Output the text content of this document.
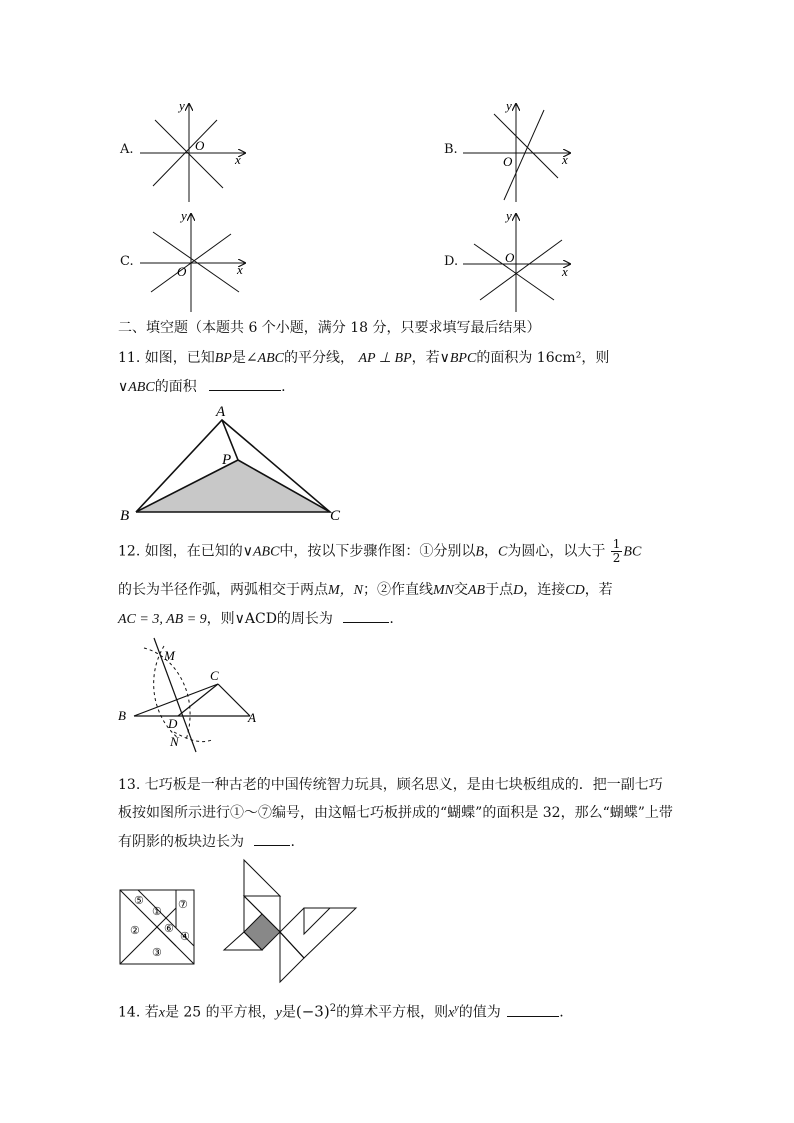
A.
y
O
x
B.
y
O	x
C.
y
O	x
D.
y
O
x
二、填空题（本题共 6 个小题，满分 18 分，只要求填写最后结果）
11. 如图，已知BP是∠ABC的平分线， AP ⊥ BP，若∨BPC的面积为 16cm²，则
∨ABC的面积	.
A
P
B	C
12. 如图，在已知的∨ABC中，按以下步骤作图：①分别以B，C为圆心，以大于 $\frac{1}{2}$ BC
的长为半径作弧，两弧相交于两点M，N；②作直线MN交AB于点D，连接CD，若
AC = 3, AB = 9，则∨ACD的周长为	.
M
C
B
D	A
N
13. 七巧板是一种古老的中国传统智力玩具，顾名思义，是由七块板组成的．把一副七巧
板按如图所示进行①～⑦编号，由这幅七巧板拼成的“蝴蝶”的面积是 32，那么“蝴蝶”上带
有阴影的板块边长为	.
⑤
①
⑦
② ⑥
④
③
14. 若x是 25 的平方根，y是$(-3)^2$的算术平方根，则$x^y$的值为	.
